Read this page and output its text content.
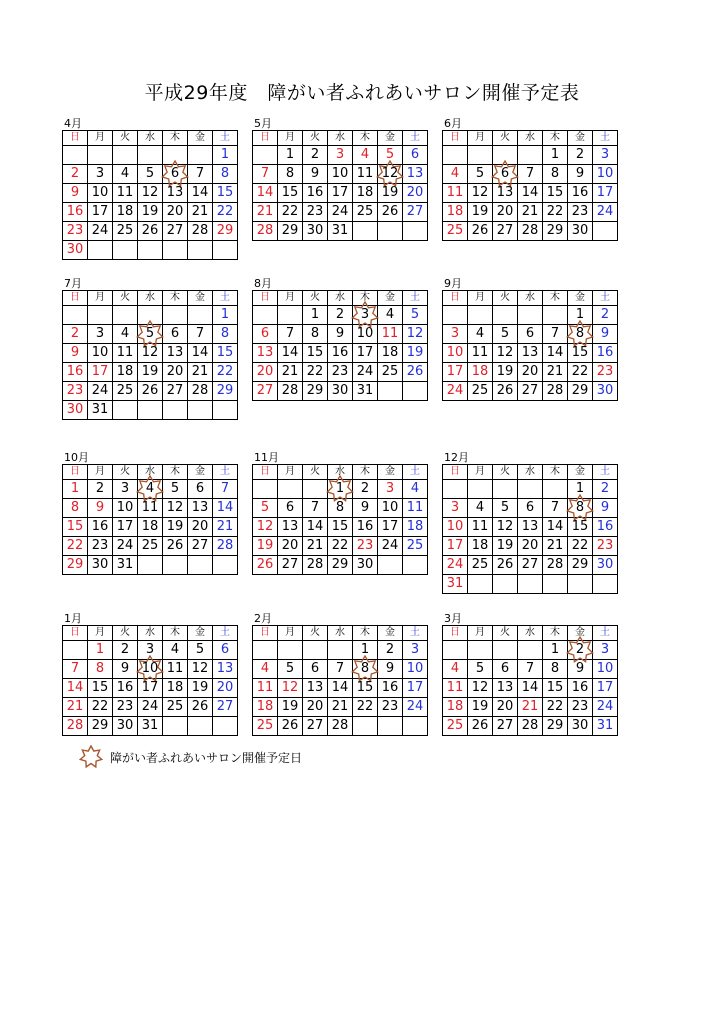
平成29年度　障がい者ふれあいサロン開催予定表
4月
日	月	火	水	木	金	土
						1
2	3	4	5	6	7	8
9	10	11	12	13	14	15
16	17	18	19	20	21	22
23	24	25	26	27	28	29
30						
5月
日	月	火	水	木	金	土
	1	2	3	4	5	6
7	8	9	10	11	12	13
14	15	16	17	18	19	20
21	22	23	24	25	26	27
28	29	30	31			
6月
日	月	火	水	木	金	土
				1	2	3
4	5	6	7	8	9	10
11	12	13	14	15	16	17
18	19	20	21	22	23	24
25	26	27	28	29	30	
7月
日	月	火	水	木	金	土
						1
2	3	4	5	6	7	8
9	10	11	12	13	14	15
16	17	18	19	20	21	22
23	24	25	26	27	28	29
30	31					
8月
日	月	火	水	木	金	土
		1	2	3	4	5
6	7	8	9	10	11	12
13	14	15	16	17	18	19
20	21	22	23	24	25	26
27	28	29	30	31		
9月
日	月	火	水	木	金	土
					1	2
3	4	5	6	7	8	9
10	11	12	13	14	15	16
17	18	19	20	21	22	23
24	25	26	27	28	29	30
10月
日	月	火	水	木	金	土
1	2	3	4	5	6	7
8	9	10	11	12	13	14
15	16	17	18	19	20	21
22	23	24	25	26	27	28
29	30	31				
11月
日	月	火	水	木	金	土
			1	2	3	4
5	6	7	8	9	10	11
12	13	14	15	16	17	18
19	20	21	22	23	24	25
26	27	28	29	30		
12月
日	月	火	水	木	金	土
					1	2
3	4	5	6	7	8	9
10	11	12	13	14	15	16
17	18	19	20	21	22	23
24	25	26	27	28	29	30
31						
1月
日	月	火	水	木	金	土
	1	2	3	4	5	6
7	8	9	10	11	12	13
14	15	16	17	18	19	20
21	22	23	24	25	26	27
28	29	30	31			
2月
日	月	火	水	木	金	土
				1	2	3
4	5	6	7	8	9	10
11	12	13	14	15	16	17
18	19	20	21	22	23	24
25	26	27	28			
3月
日	月	火	水	木	金	土
				1	2	3
4	5	6	7	8	9	10
11	12	13	14	15	16	17
18	19	20	21	22	23	24
25	26	27	28	29	30	31
障がい者ふれあいサロン開催予定日
